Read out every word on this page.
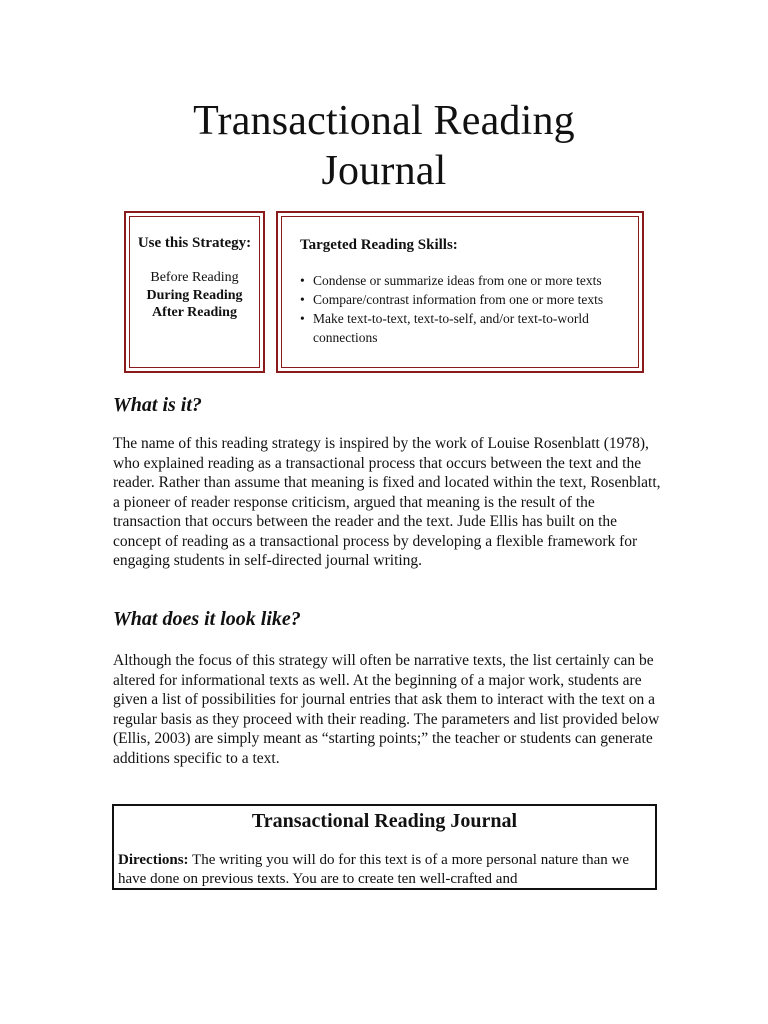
Transactional Reading
Journal
Use this Strategy:
Before Reading
During Reading
After Reading
Targeted Reading Skills:
• Condense or summarize ideas from one or more texts
• Compare/contrast information from one or more texts
• Make text-to-text, text-to-self, and/or text-to-world connections
What is it?
The name of this reading strategy is inspired by the work of Louise Rosenblatt (1978), who explained reading as a transactional process that occurs between the text and the reader. Rather than assume that meaning is fixed and located within the text, Rosenblatt, a pioneer of reader response criticism, argued that meaning is the result of the transaction that occurs between the reader and the text. Jude Ellis has built on the concept of reading as a transactional process by developing a flexible framework for engaging students in self-directed journal writing.
What does it look like?
Although the focus of this strategy will often be narrative texts, the list certainly can be altered for informational texts as well. At the beginning of a major work, students are given a list of possibilities for journal entries that ask them to interact with the text on a regular basis as they proceed with their reading. The parameters and list provided below (Ellis, 2003) are simply meant as “starting points;” the teacher or students can generate additions specific to a text.
Transactional Reading Journal
Directions: The writing you will do for this text is of a more personal nature than we have done on previous texts. You are to create ten well-crafted and
